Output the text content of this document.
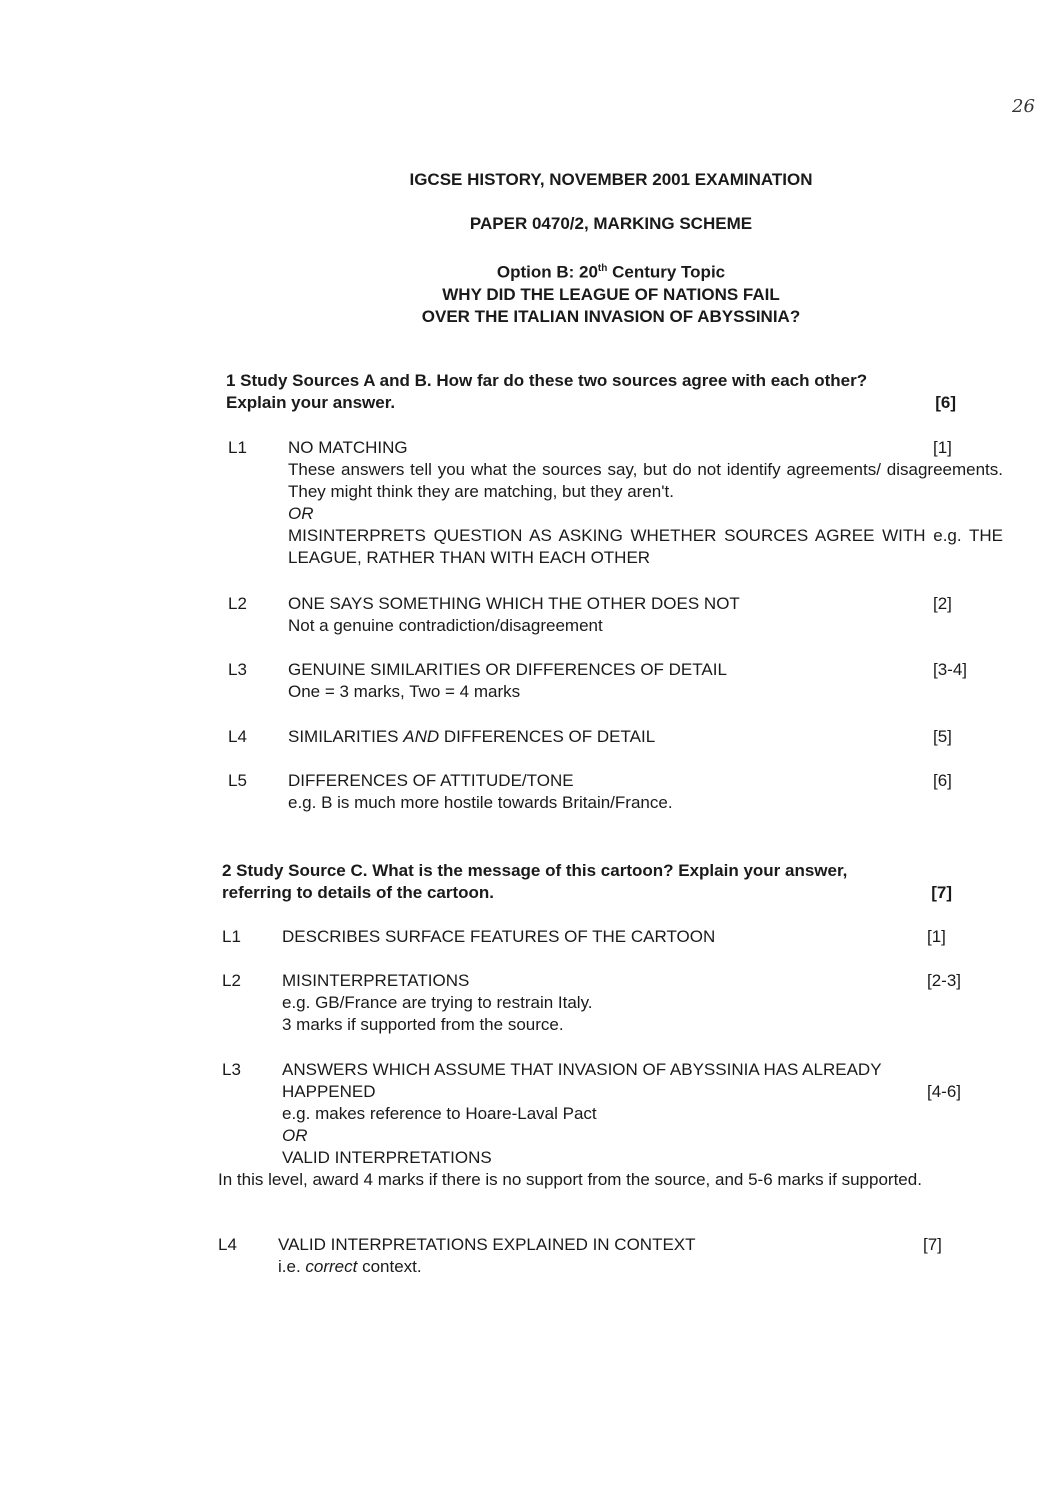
26
IGCSE HISTORY, NOVEMBER 2001 EXAMINATION
PAPER 0470/2, MARKING SCHEME
Option B: 20th Century Topic
WHY DID THE LEAGUE OF NATIONS FAIL
OVER THE ITALIAN INVASION OF ABYSSINIA?
1 Study Sources A and B. How far do these two sources agree with each other?
Explain your answer.	[6]
L1 NO MATCHING	[1]
These answers tell you what the sources say, but do not identify agreements/ disagreements. They might think they are matching, but they aren't.
OR
MISINTERPRETS QUESTION AS ASKING WHETHER SOURCES AGREE WITH e.g. THE LEAGUE, RATHER THAN WITH EACH OTHER
L2 ONE SAYS SOMETHING WHICH THE OTHER DOES NOT	[2]
Not a genuine contradiction/disagreement
L3 GENUINE SIMILARITIES OR DIFFERENCES OF DETAIL	[3-4]
One = 3 marks, Two = 4 marks
L4 SIMILARITIES AND DIFFERENCES OF DETAIL	[5]
L5 DIFFERENCES OF ATTITUDE/TONE	[6]
e.g. B is much more hostile towards Britain/France.
2 Study Source C. What is the message of this cartoon? Explain your answer,
referring to details of the cartoon.	[7]
L1 DESCRIBES SURFACE FEATURES OF THE CARTOON	[1]
L2 MISINTERPRETATIONS	[2-3]
e.g. GB/France are trying to restrain Italy.
3 marks if supported from the source.
L3 ANSWERS WHICH ASSUME THAT INVASION OF ABYSSINIA HAS ALREADY
HAPPENED	[4-6]
e.g. makes reference to Hoare-Laval Pact
OR
VALID INTERPRETATIONS
In this level, award 4 marks if there is no support from the source, and 5-6 marks if supported.
L4 VALID INTERPRETATIONS EXPLAINED IN CONTEXT	[7]
i.e. correct context.
